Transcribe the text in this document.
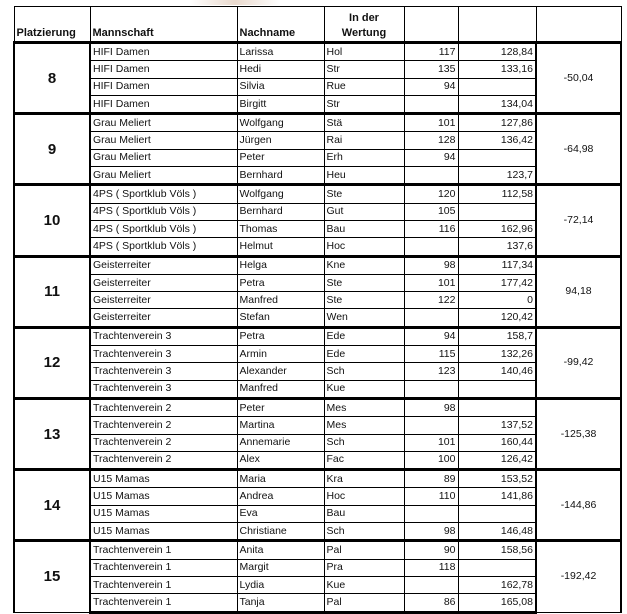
Platzierung	Mannschaft	Nachname	In der Wertung			
8	HIFI Damen	Larissa	Hol	117	128,84	-50,04
	HIFI Damen	Hedi	Str	135	133,16	
	HIFI Damen	Silvia	Rue	94		
	HIFI Damen	Birgitt	Str		134,04	
9	Grau Meliert	Wolfgang	Stä	101	127,86	-64,98
	Grau Meliert	Jürgen	Rai	128	136,42	
	Grau Meliert	Peter	Erh	94		
	Grau Meliert	Bernhard	Heu		123,7	
10	4PS ( Sportklub Völs )	Wolfgang	Ste	120	112,58	-72,14
	4PS ( Sportklub Völs )	Bernhard	Gut	105		
	4PS ( Sportklub Völs )	Thomas	Bau	116	162,96	
	4PS ( Sportklub Völs )	Helmut	Hoc		137,6	
11	Geisterreiter	Helga	Kne	98	117,34	94,18
	Geisterreiter	Petra	Ste	101	177,42	
	Geisterreiter	Manfred	Ste	122	0	
	Geisterreiter	Stefan	Wen		120,42	
12	Trachtenverein 3	Petra	Ede	94	158,7	-99,42
	Trachtenverein 3	Armin	Ede	115	132,26	
	Trachtenverein 3	Alexander	Sch	123	140,46	
	Trachtenverein 3	Manfred	Kue			
13	Trachtenverein 2	Peter	Mes	98		-125,38
	Trachtenverein 2	Martina	Mes		137,52	
	Trachtenverein 2	Annemarie	Sch	101	160,44	
	Trachtenverein 2	Alex	Fac	100	126,42	
14	U15 Mamas	Maria	Kra	89	153,52	-144,86
	U15 Mamas	Andrea	Hoc	110	141,86	
	U15 Mamas	Eva	Bau			
	U15 Mamas	Christiane	Sch	98	146,48	
15	Trachtenverein 1	Anita	Pal	90	158,56	-192,42
	Trachtenverein 1	Margit	Pra	118		
	Trachtenverein 1	Lydia	Kue		162,78	
	Trachtenverein 1	Tanja	Pal	86	165,08	
